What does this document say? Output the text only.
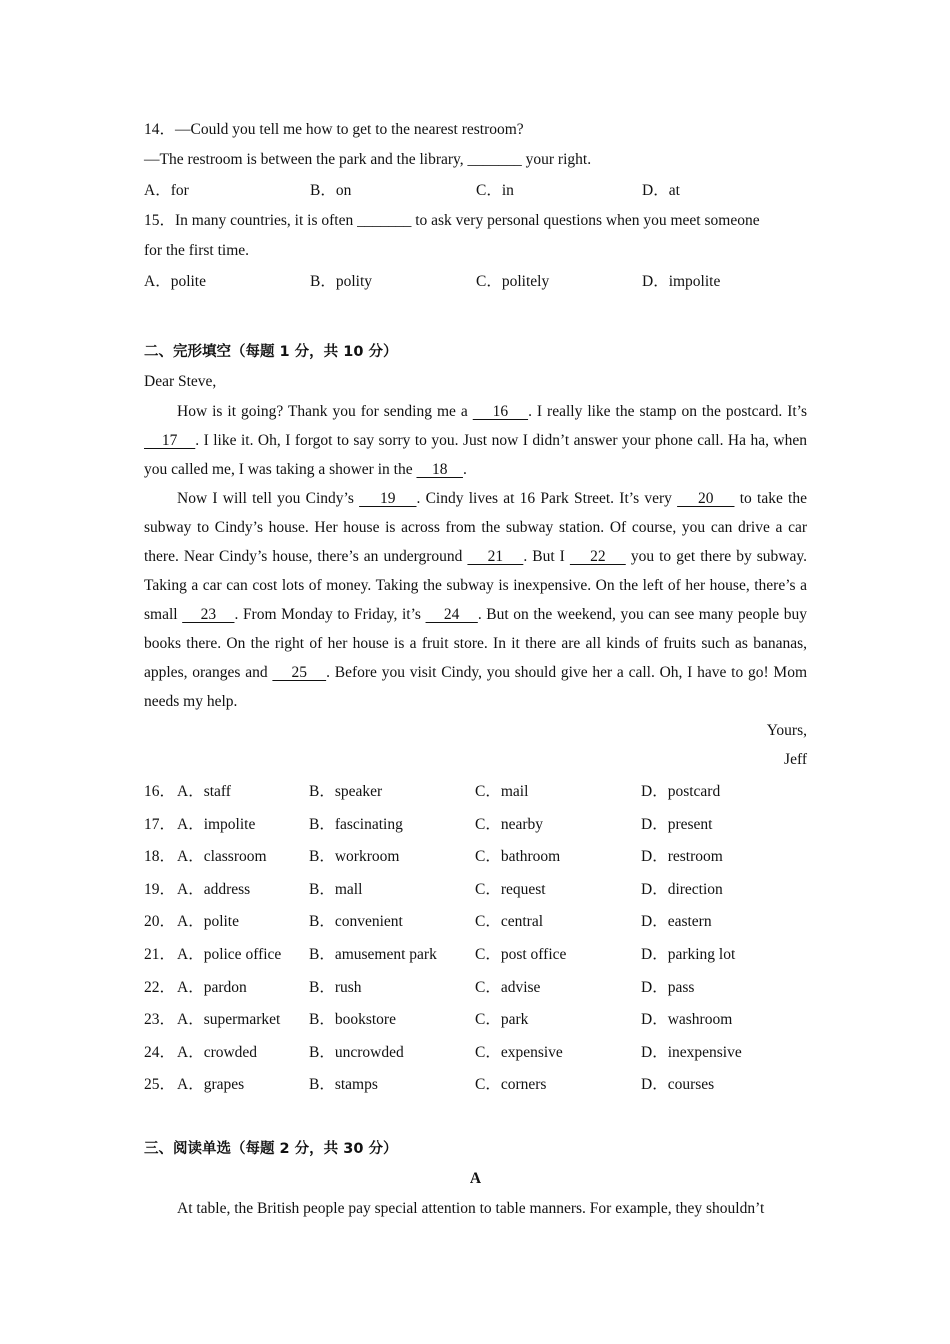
14．—Could you tell me how to get to the nearest restroom?
—The restroom is between the park and the library, _______ your right.
A．for	B．on	C．in	D．at
15．In many countries, it is often _______ to ask very personal questions when you meet someone
for the first time.
A．polite	B．polity	C．politely	D．impolite
二、完形填空（每题 1 分，共 10 分）
Dear Steve,
How is it going? Thank you for sending me a     16    . I really like the stamp on the postcard. It’s     17    . I like it. Oh, I forgot to say sorry to you. Just now I didn’t answer your phone call. Ha ha, when you called me, I was taking a shower in the     18    .
Now I will tell you Cindy’s     19    . Cindy lives at 16 Park Street. It’s very     20     to take the subway to Cindy’s house. Her house is across from the subway station. Of course, you can drive a car there. Near Cindy’s house, there’s an underground     21    . But I     22     you to get there by subway. Taking a car can cost lots of money. Taking the subway is inexpensive. On the left of her house, there’s a small     23    . From Monday to Friday, it’s     24    . But on the weekend, you can see many people buy books there. On the right of her house is a fruit store. In it there are all kinds of fruits such as bananas, apples, oranges and     25    . Before you visit Cindy, you should give her a call. Oh, I have to go! Mom needs my help.
Yours,
Jeff
16． A．staff	B．speaker	C．mail	D．postcard
17． A．impolite	B．fascinating	C．nearby	D．present
18． A．classroom	B．workroom	C．bathroom	D．restroom
19． A．address	B．mall	C．request	D．direction
20． A．polite	B．convenient	C．central	D．eastern
21． A．police office	B．amusement park	C．post office	D．parking lot
22． A．pardon	B．rush	C．advise	D．pass
23． A．supermarket	B．bookstore	C．park	D．washroom
24． A．crowded	B．uncrowded	C．expensive	D．inexpensive
25． A．grapes	B．stamps	C．corners	D．courses
三、阅读单选（每题 2 分，共 30 分）
A
At table, the British people pay special attention to table manners. For example, they shouldn’t
